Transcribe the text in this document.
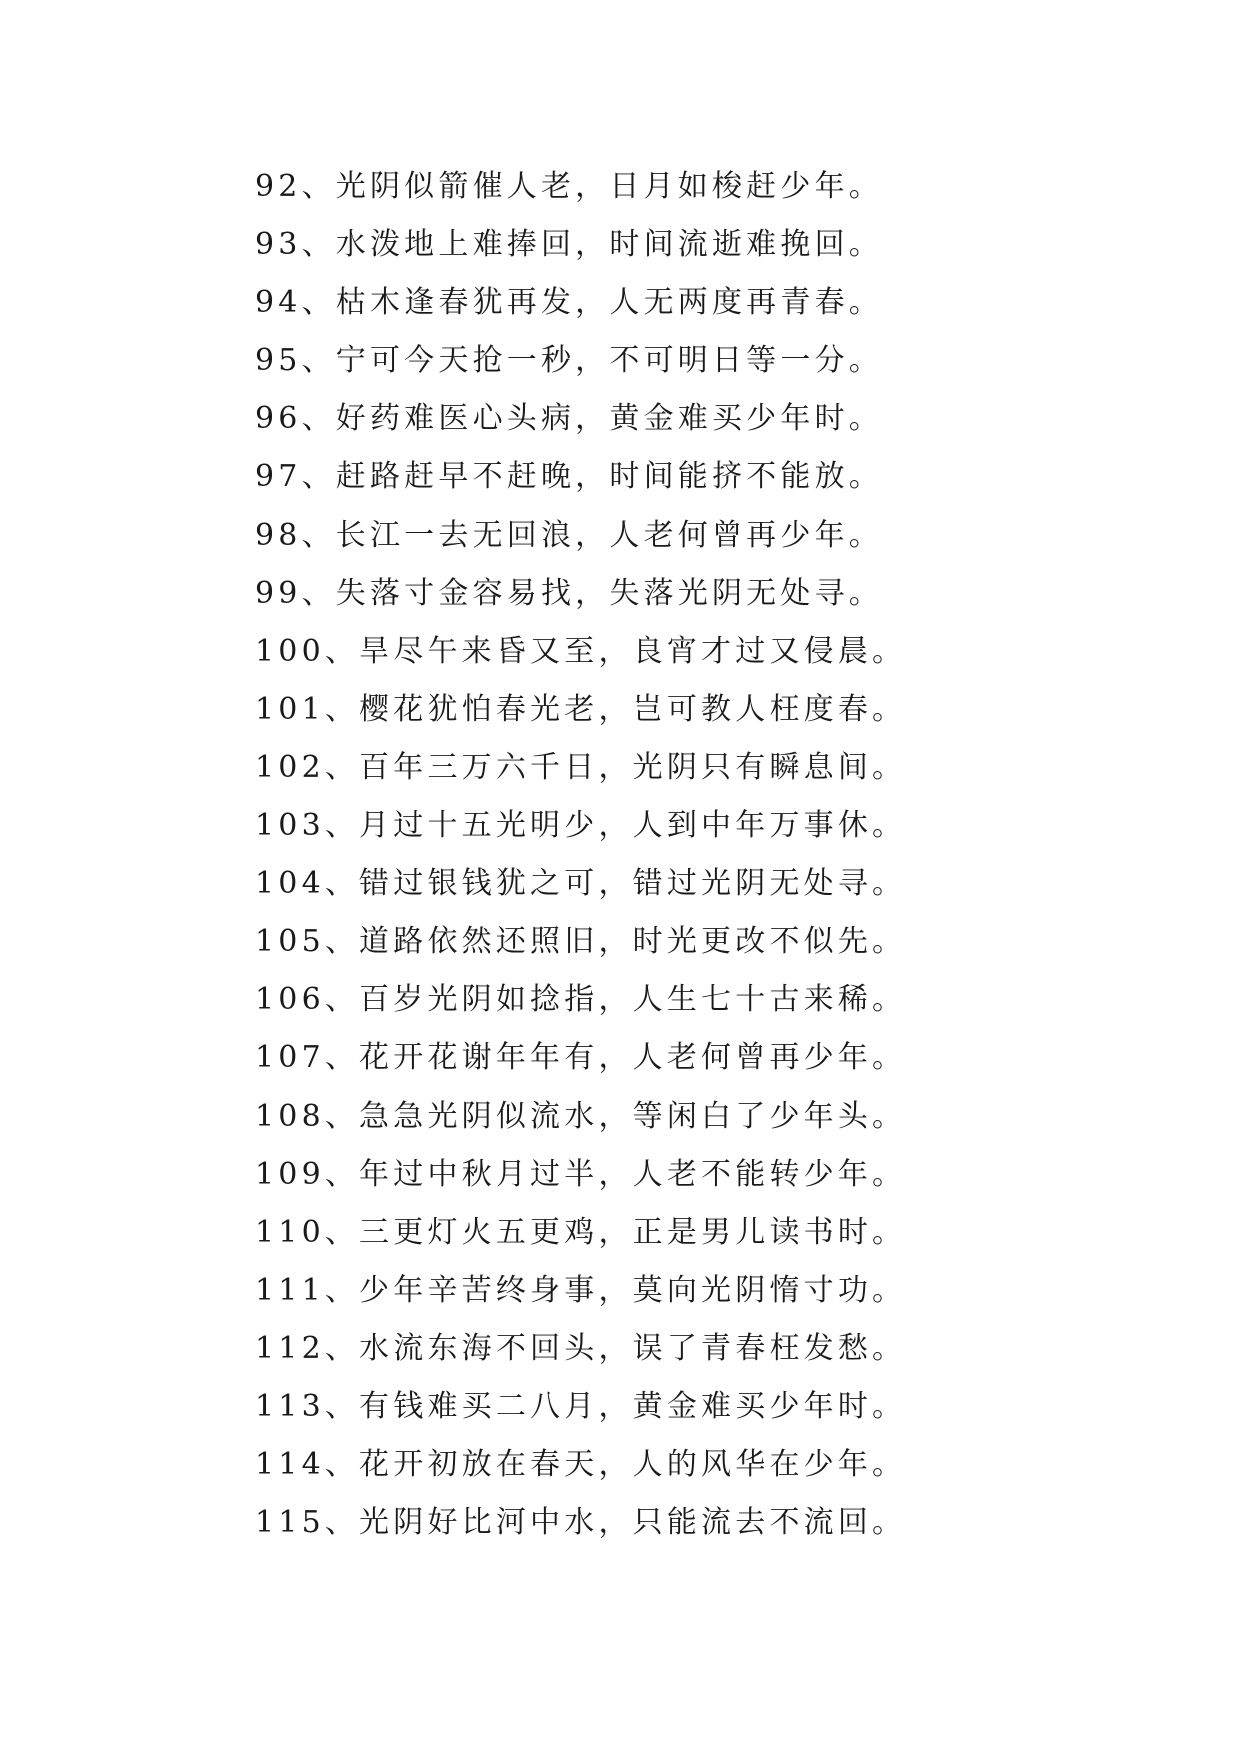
92、光阴似箭催人老，日月如梭赶少年。
93、水泼地上难捧回，时间流逝难挽回。
94、枯木逢春犹再发，人无两度再青春。
95、宁可今天抢一秒，不可明日等一分。
96、好药难医心头病，黄金难买少年时。
97、赶路赶早不赶晚，时间能挤不能放。
98、长江一去无回浪，人老何曾再少年。
99、失落寸金容易找，失落光阴无处寻。
100、旱尽午来昏又至，良宵才过又侵晨。
101、樱花犹怕春光老，岂可教人枉度春。
102、百年三万六千日，光阴只有瞬息间。
103、月过十五光明少，人到中年万事休。
104、错过银钱犹之可，错过光阴无处寻。
105、道路依然还照旧，时光更改不似先。
106、百岁光阴如捻指，人生七十古来稀。
107、花开花谢年年有，人老何曾再少年。
108、急急光阴似流水，等闲白了少年头。
109、年过中秋月过半，人老不能转少年。
110、三更灯火五更鸡，正是男儿读书时。
111、少年辛苦终身事，莫向光阴惰寸功。
112、水流东海不回头，误了青春枉发愁。
113、有钱难买二八月，黄金难买少年时。
114、花开初放在春天，人的风华在少年。
115、光阴好比河中水，只能流去不流回。
